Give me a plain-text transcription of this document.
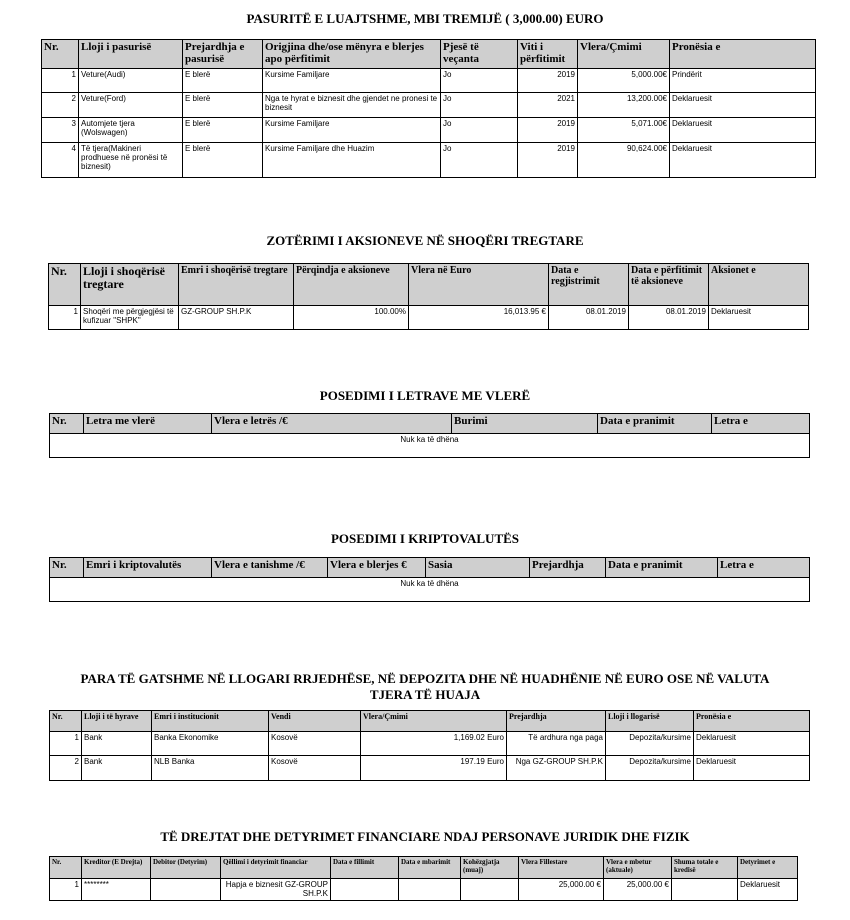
PASURITË E LUAJTSHME, MBI TREMIJË ( 3,000.00) EURO
Nr.	Lloji i pasurisë	Prejardhja e pasurisë	Origjina dhe/ose mënyra e blerjes apo përfitimit	Pjesë të veçanta	Viti i përfitimit	Vlera/Çmimi	Pronësia e
1	Veture(Audi)	E blerë	Kursime Familjare	Jo	2019	5,000.00€	Prindërit
2	Veture(Ford)	E blerë	Nga te hyrat e biznesit dhe gjendet ne pronesi te biznesit	Jo	2021	13,200.00€	Deklaruesit
3	Automjete tjera (Wolswagen)	E blerë	Kursime Familjare	Jo	2019	5,071.00€	Deklaruesit
4	Të tjera(Makineri prodhuese në pronësi të biznesit)	E blerë	Kursime Familjare dhe Huazim	Jo	2019	90,624.00€	Deklaruesit
ZOTËRIMI I AKSIONEVE NË SHOQËRI TREGTARE
Nr.	Lloji i shoqërisë tregtare	Emri i shoqërisë tregtare	Përqindja e aksioneve	Vlera në Euro	Data e regjistrimit	Data e përfitimit të aksioneve	Aksionet e
1	Shoqëri me përgjegjësi të kufizuar "SHPK"	GZ-GROUP SH.P.K	100.00%	16,013.95 €	08.01.2019	08.01.2019	Deklaruesit
POSEDIMI I LETRAVE ME VLERË
Nr.	Letra me vlerë	Vlera e letrës /€	Burimi	Data e pranimit	Letra e
Nuk ka të dhëna
POSEDIMI I KRIPTOVALUTËS
Nr.	Emri i kriptovalutës	Vlera e tanishme /€	Vlera e blerjes €	Sasia	Prejardhja	Data e pranimit	Letra e
Nuk ka të dhëna
PARA TË GATSHME NË LLOGARI RRJEDHËSE, NË DEPOZITA DHE NË HUADHËNIE NË EURO OSE NË VALUTA TJERA TË HUAJA
Nr.	Lloji i të hyrave	Emri i institucionit	Vendi	Vlera/Çmimi	Prejardhja	Lloji i llogarisë	Pronësia e
1	Bank	Banka Ekonomike	Kosovë	1,169.02 Euro	Të ardhura nga paga	Depozita/kursime	Deklaruesit
2	Bank	NLB Banka	Kosovë	197.19 Euro	Nga GZ-GROUP SH.P.K	Depozita/kursime	Deklaruesit
TË DREJTAT DHE DETYRIMET FINANCIARE NDAJ PERSONAVE JURIDIK DHE FIZIK
Nr.	Kreditor (E Drejta)	Debitor (Detyrim)	Qëllimi i detyrimit financiar	Data e fillimit	Data e mbarimit	Kohëzgjatja (muaj)	Vlera Fillestare	Vlera e mbetur (aktuale)	Shuma totale e kredisë	Detyrimet e
1	********		Hapja e biznesit GZ-GROUP SH.P.K				25,000.00 €	25,000.00 €		Deklaruesit
